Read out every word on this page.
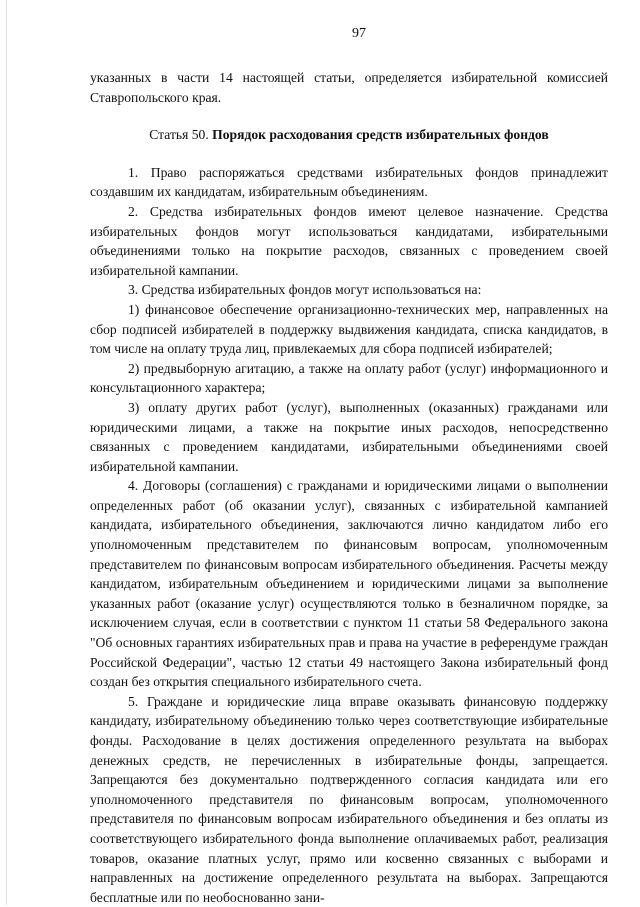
97

указанных в части 14 настоящей статьи, определяется избирательной комиссией Ставропольского края.

Статья 50. Порядок расходования средств избирательных фондов

1. Право распоряжаться средствами избирательных фондов принадлежит создавшим их кандидатам, избирательным объединениям.

2. Средства избирательных фондов имеют целевое назначение. Средства избирательных фондов могут использоваться кандидатами, избирательными объединениями только на покрытие расходов, связанных с проведением своей избирательной кампании.

3. Средства избирательных фондов могут использоваться на:

1) финансовое обеспечение организационно-технических мер, направленных на сбор подписей избирателей в поддержку выдвижения кандидата, списка кандидатов, в том числе на оплату труда лиц, привлекаемых для сбора подписей избирателей;

2) предвыборную агитацию, а также на оплату работ (услуг) информационного и консультационного характера;

3) оплату других работ (услуг), выполненных (оказанных) гражданами или юридическими лицами, а также на покрытие иных расходов, непосредственно связанных с проведением кандидатами, избирательными объединениями своей избирательной кампании.

4. Договоры (соглашения) с гражданами и юридическими лицами о выполнении определенных работ (об оказании услуг), связанных с избирательной кампанией кандидата, избирательного объединения, заключаются лично кандидатом либо его уполномоченным представителем по финансовым вопросам, уполномоченным представителем по финансовым вопросам избирательного объединения. Расчеты между кандидатом, избирательным объединением и юридическими лицами за выполнение указанных работ (оказание услуг) осуществляются только в безналичном порядке, за исключением случая, если в соответствии с пунктом 11 статьи 58 Федерального закона "Об основных гарантиях избирательных прав и права на участие в референдуме граждан Российской Федерации", частью 12 статьи 49 настоящего Закона избирательный фонд создан без открытия специального избирательного счета.

5. Граждане и юридические лица вправе оказывать финансовую поддержку кандидату, избирательному объединению только через соответствующие избирательные фонды. Расходование в целях достижения определенного результата на выборах денежных средств, не перечисленных в избирательные фонды, запрещается. Запрещаются без документально подтвержденного согласия кандидата или его уполномоченного представителя по финансовым вопросам, уполномоченного представителя по финансовым вопросам избирательного объединения и без оплаты из соответствующего избирательного фонда выполнение оплачиваемых работ, реализация товаров, оказание платных услуг, прямо или косвенно связанных с выборами и направленных на достижение определенного результата на выборах. Запрещаются бесплатные или по необоснованно зани-
